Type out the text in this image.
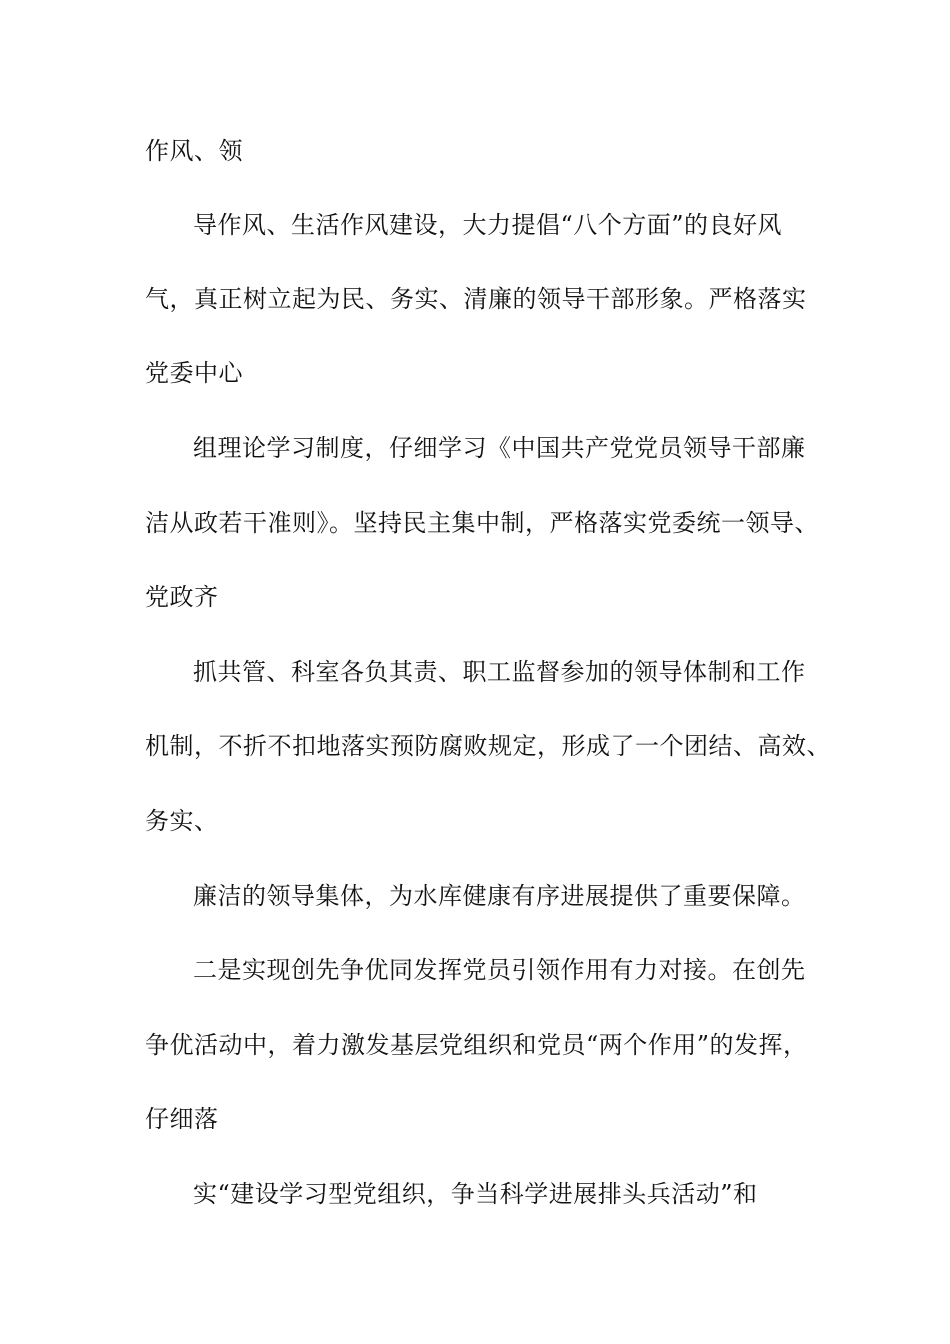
作风、领
导作风、生活作风建设，大力提倡“八个方面”的良好风
气，真正树立起为民、务实、清廉的领导干部形象。严格落实
党委中心
组理论学习制度，仔细学习《中国共产党党员领导干部廉
洁从政若干准则》。坚持民主集中制，严格落实党委统一领导、
党政齐
抓共管、科室各负其责、职工监督参加的领导体制和工作
机制，不折不扣地落实预防腐败规定，形成了一个团结、高效、
务实、
廉洁的领导集体，为水库健康有序进展提供了重要保障。
二是实现创先争优同发挥党员引领作用有力对接。在创先
争优活动中，着力激发基层党组织和党员“两个作用”的发挥，
仔细落
实“建设学习型党组织，争当科学进展排头兵活动”和
